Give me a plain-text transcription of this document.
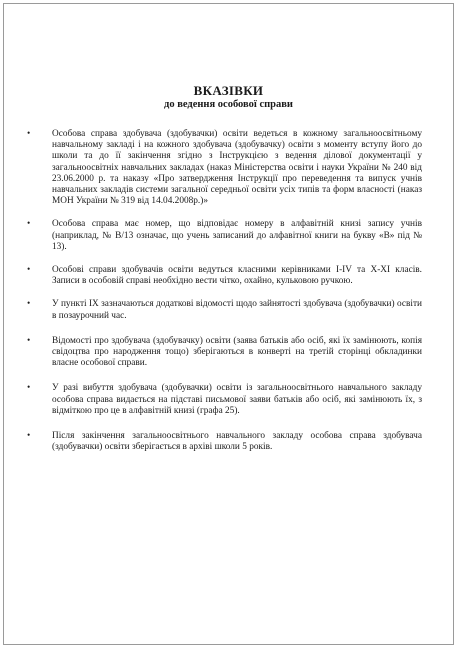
ВКАЗІВКИ
до ведення особової справи
• Особова справа здобувача (здобувачки) освіти ведеться в кожному загальноосвітньому навчальному закладі і на кожного здобувача (здобувачку) освіти з моменту вступу його до школи та до її закінчення згідно з Інструкцією з ведення ділової документації у загальноосвітніх навчальних закладах (наказ Міністерства освіти і науки України № 240 від 23.06.2000 р. та наказу «Про затвердження Інструкції про переведення та випуск учнів навчальних закладів системи загальної середньої освіти усіх типів та форм власності (наказ МОН України № 319 від 14.04.2008р.)»
• Особова справа має номер, що відповідає номеру в алфавітній книзі запису учнів (наприклад, № В/13 означає, що учень записаний до алфавітної книги на букву «В» під № 13).
• Особові справи здобувачів освіти ведуться класними керівниками І-ІV та Х-ХІ класів. Записи в особовій справі необхідно вести чітко, охайно, кульковою ручкою.
• У пункті ІХ зазначаються додаткові відомості щодо зайнятості здобувача (здобувачки) освіти в позаурочний час.
• Відомості про здобувача (здобувачку) освіти (заява батьків або осіб, які їх замінюють, копія свідоцтва про народження тощо) зберігаються в конверті на третій сторінці обкладинки власне особової справи.
• У разі вибуття здобувача (здобувачки) освіти із загальноосвітнього навчального закладу особова справа видається на підставі письмової заяви батьків або осіб, які замінюють їх, з відміткою про це в алфавітній книзі (графа 25).
• Після закінчення загальноосвітнього навчального закладу особова справа здобувача (здобувачки) освіти зберігається в архіві школи 5 років.
